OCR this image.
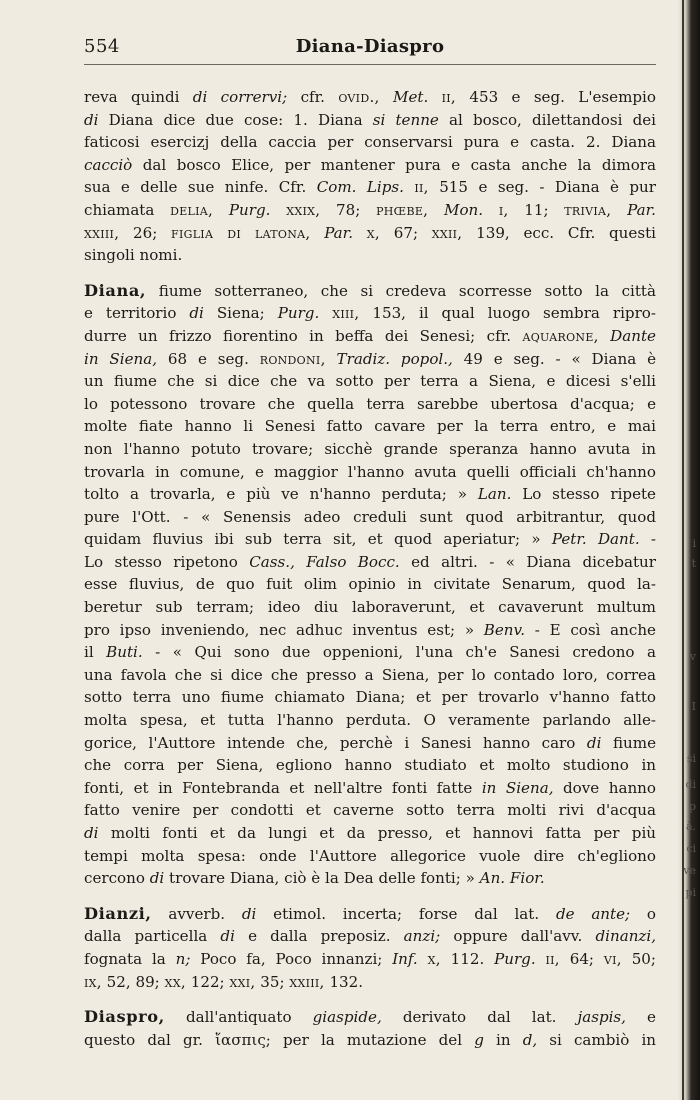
i
t
v
I
si
di
p
à.
ci
ve
pi
554	Diana-Diaspro
reva quindi di corrervi; cfr. ovid., Met. ii, 453 e seg. L'esempio
di Diana dice due cose: 1. Diana si tenne al bosco, dilettandosi dei
faticosi esercizj della caccia per conservarsi pura e casta. 2. Diana
cacciò dal bosco Elice, per mantener pura e casta anche la dimora
sua e delle sue ninfe. Cfr. Com. Lips. ii, 515 e seg. - Diana è pur
chiamata delia, Purg. xxix, 78; phœbe, Mon. i, 11; trivia, Par.
xxiii, 26; figlia di latona, Par. x, 67; xxii, 139, ecc. Cfr. questi
singoli nomi.
Diana, fiume sotterraneo, che si credeva scorresse sotto la città
e territorio di Siena; Purg. xiii, 153, il qual luogo sembra ripro-
durre un frizzo fiorentino in beffa dei Senesi; cfr. aquarone, Dante
in Siena, 68 e seg. rondoni, Tradiz. popol., 49 e seg. - « Diana è
un fiume che si dice che va sotto per terra a Siena, e dicesi s'elli
lo potessono trovare che quella terra sarebbe ubertosa d'acqua; e
molte fiate hanno li Senesi fatto cavare per la terra entro, e mai
non l'hanno potuto trovare; sicchè grande speranza hanno avuta in
trovarla in comune, e maggior l'hanno avuta quelli officiali ch'hanno
tolto a trovarla, e più ve n'hanno perduta; » Lan. Lo stesso ripete
pure l'Ott. - « Senensis adeo creduli sunt quod arbitrantur, quod
quidam fluvius ibi sub terra sit, et quod aperiatur; » Petr. Dant. -
Lo stesso ripetono Cass., Falso Bocc. ed altri. - « Diana dicebatur
esse fluvius, de quo fuit olim opinio in civitate Senarum, quod la-
beretur sub terram; ideo diu laboraverunt, et cavaverunt multum
pro ipso inveniendo, nec adhuc inventus est; » Benv. - E così anche
il Buti. - « Qui sono due oppenioni, l'una ch'e Sanesi credono a
una favola che si dice che presso a Siena, per lo contado loro, correa
sotto terra uno fiume chiamato Diana; et per trovarlo v'hanno fatto
molta spesa, et tutta l'hanno perduta. O veramente parlando alle-
gorice, l'Auttore intende che, perchè i Sanesi hanno caro di fiume
che corra per Siena, egliono hanno studiato et molto studiono in
fonti, et in Fontebranda et nell'altre fonti fatte in Siena, dove hanno
fatto venire per condotti et caverne sotto terra molti rivi d'acqua
di molti fonti et da lungi et da presso, et hannovi fatta per più
tempi molta spesa: onde l'Auttore allegorice vuole dire ch'egliono
cercono di trovare Diana, ciò è la Dea delle fonti; » An. Fior.
Dianzi, avverb. di etimol. incerta; forse dal lat. de ante; o
dalla particella di e dalla preposiz. anzi; oppure dall'avv. dinanzi,
fognata la n; Poco fa, Poco innanzi; Inf. x, 112. Purg. ii, 64; vi, 50;
ix, 52, 89; xx, 122; xxi, 35; xxiii, 132.
Diaspro, dall'antiquato giaspide, derivato dal lat. jaspis, e
questo dal gr. ἴασπις; per la mutazione del g in d, si cambiò in
